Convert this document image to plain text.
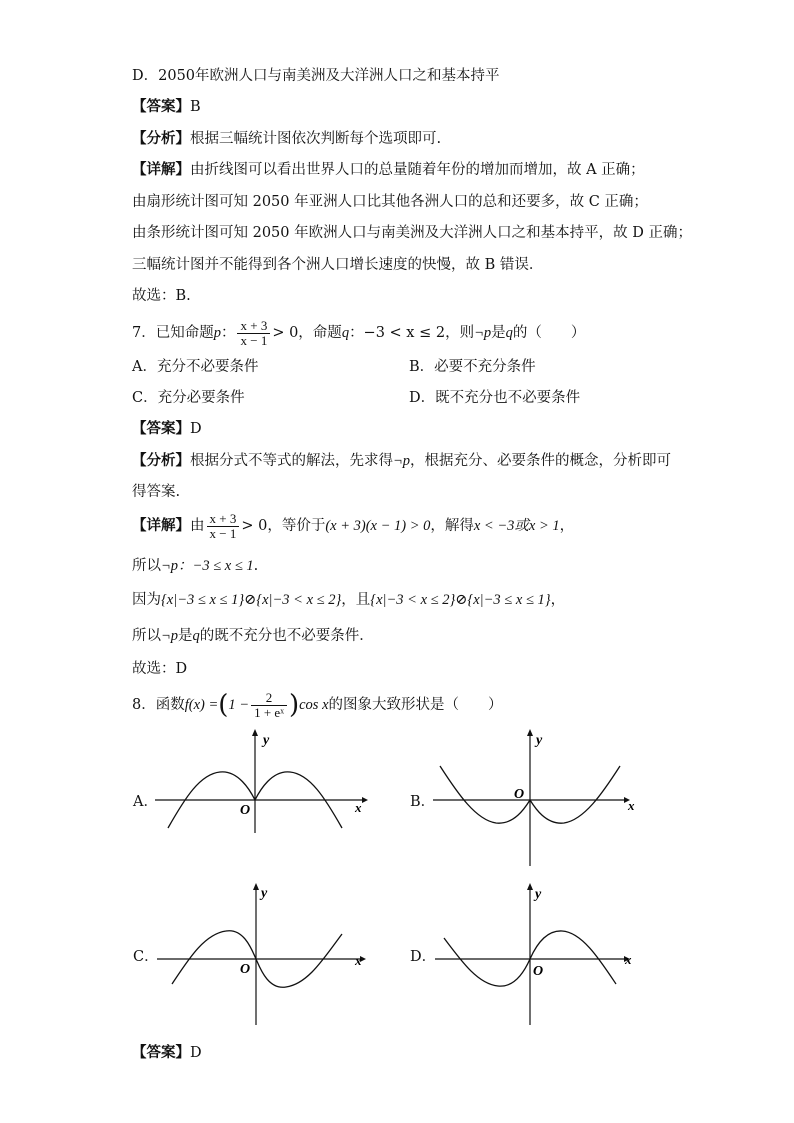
D．2050年欧洲人口与南美洲及大洋洲人口之和基本持平
【答案】B
【分析】根据三幅统计图依次判断每个选项即可.
【详解】由折线图可以看出世界人口的总量随着年份的增加而增加，故 A 正确；
由扇形统计图可知 2050 年亚洲人口比其他各洲人口的总和还要多，故 C 正确；
由条形统计图可知 2050 年欧洲人口与南美洲及大洋洲人口之和基本持平，故 D 正确；
三幅统计图并不能得到各个洲人口增长速度的快慢，故 B 错误．
故选：B.
7．已知命题p： $\frac{x + 3}{x - 1} > 0$，命题q：−3 < x ≤ 2，则¬p是q的（　　）
A．充分不必要条件	B．必要不充分条件
C．充分必要条件	D．既不充分也不必要条件
【答案】D
【分析】根据分式不等式的解法，先求得¬p，根据充分、必要条件的概念，分析即可
得答案.
【详解】由 $\frac{x + 3}{x - 1} > 0$，等价于(x + 3)(x − 1) > 0，解得x < −3或x > 1，
所以¬p：−3 ≤ x ≤ 1.
因为{x|−3 ≤ x ≤ 1}⊘{x|−3 < x ≤ 2}，且{x|−3 < x ≤ 2}⊘{x|−3 ≤ x ≤ 1}，
所以¬p是q的既不充分也不必要条件．
故选：D
8．函数$f(x) =(1 - \frac{2}{\text{1 + eˣ}} )\cos$ x的图象大致形状是（　　）
A．	B．
C．	D．
y
x
O
y
x
O
y
x
O
y
x
O
【答案】D
